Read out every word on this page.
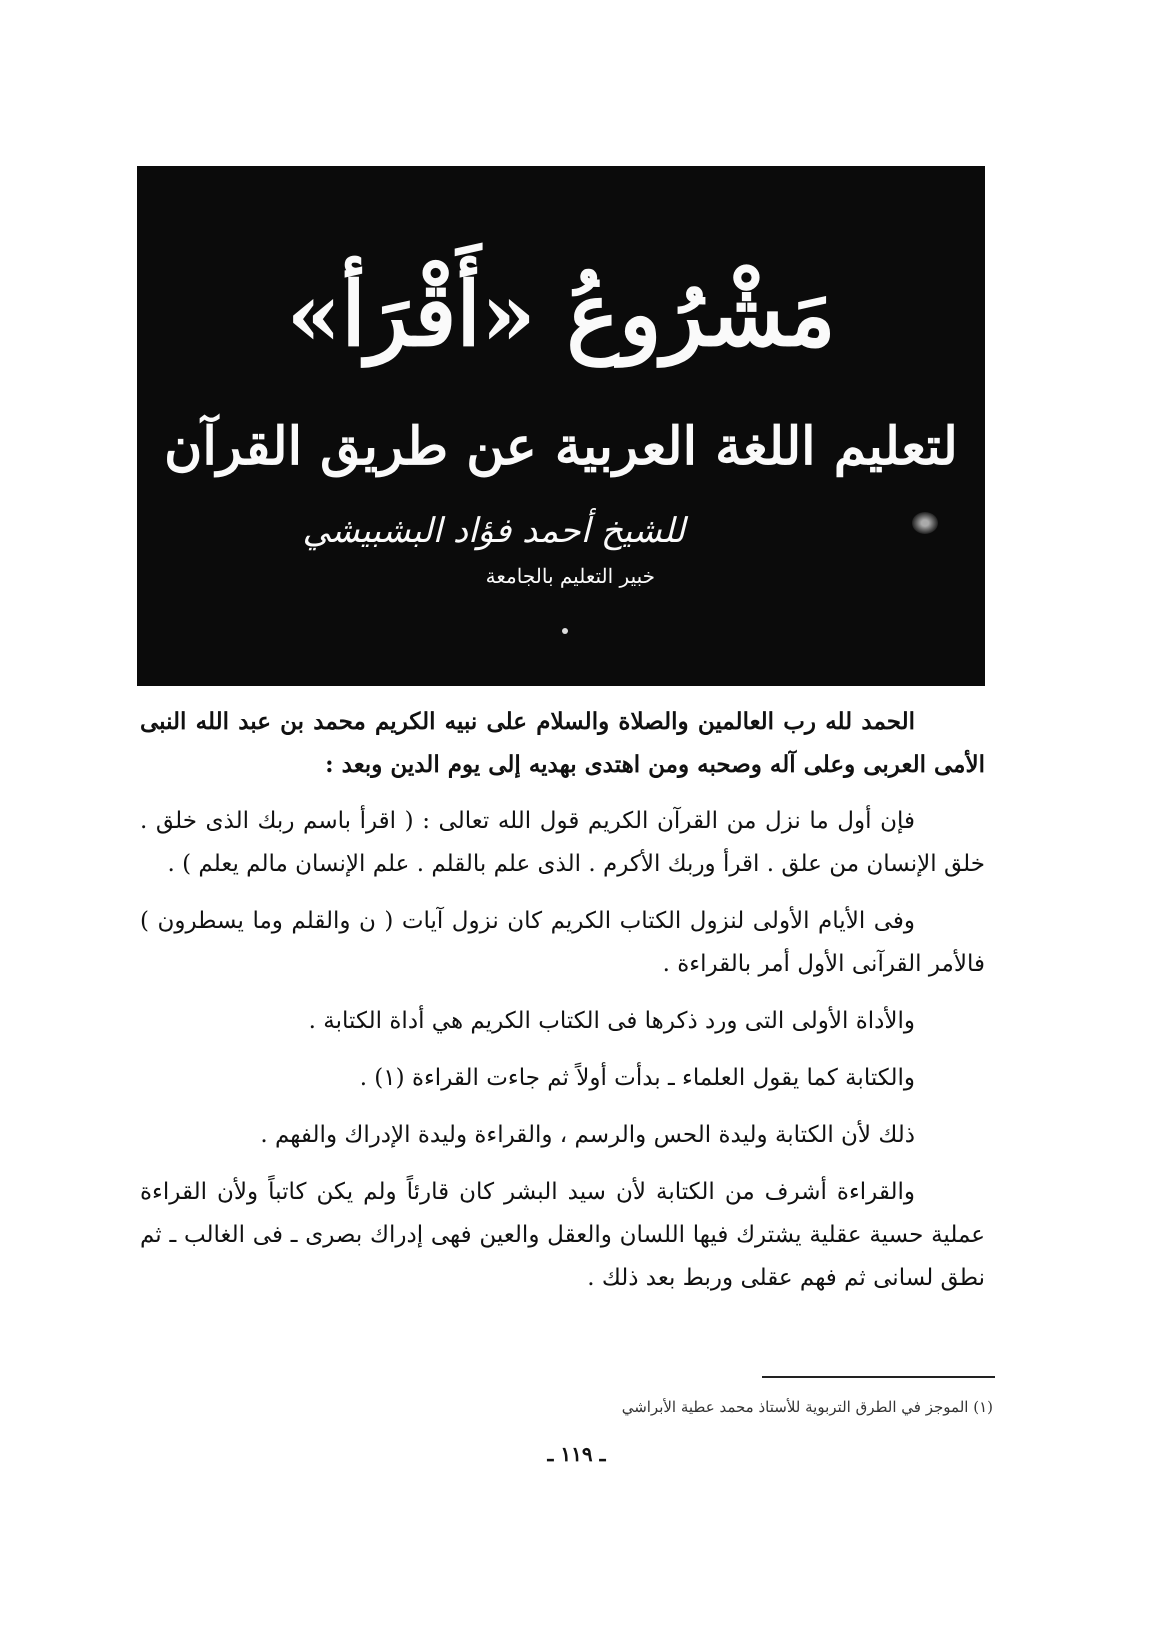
مَشْرُوعُ «أَقْرَأ»
لتعليم اللغة العربية عن طريق القرآن
للشيخ أحمد فؤاد البشبيشي
خبير التعليم بالجامعة

الحمد لله رب العالمين والصلاة والسلام على نبيه الكريم محمد بن عبد الله النبى الأمى العربى وعلى آله وصحبه ومن اهتدى بهديه إلى يوم الدين وبعد :

فإن أول ما نزل من القرآن الكريم قول الله تعالى : ( اقرأ باسم ربك الذى خلق . خلق الإنسان من علق . اقرأ وربك الأكرم . الذى علم بالقلم . علم الإنسان مالم يعلم ) .

وفى الأيام الأولى لنزول الكتاب الكريم كان نزول آيات ( ن والقلم وما يسطرون ) فالأمر القرآنى الأول أمر بالقراءة .

والأداة الأولى التى ورد ذكرها فى الكتاب الكريم هي أداة الكتابة .

والكتابة كما يقول العلماء ـ بدأت أولاً ثم جاءت القراءة (١) .

ذلك لأن الكتابة وليدة الحس والرسم ، والقراءة وليدة الإدراك والفهم .

والقراءة أشرف من الكتابة لأن سيد البشر كان قارئاً ولم يكن كاتباً ولأن القراءة عملية حسية عقلية يشترك فيها اللسان والعقل والعين فهى إدراك بصرى ـ فى الغالب ـ ثم نطق لسانى ثم فهم عقلى وربط بعد ذلك .

(١) الموجز في الطرق التربوية للأستاذ محمد عطية الأبراشي
ـ ١١٩ ـ
